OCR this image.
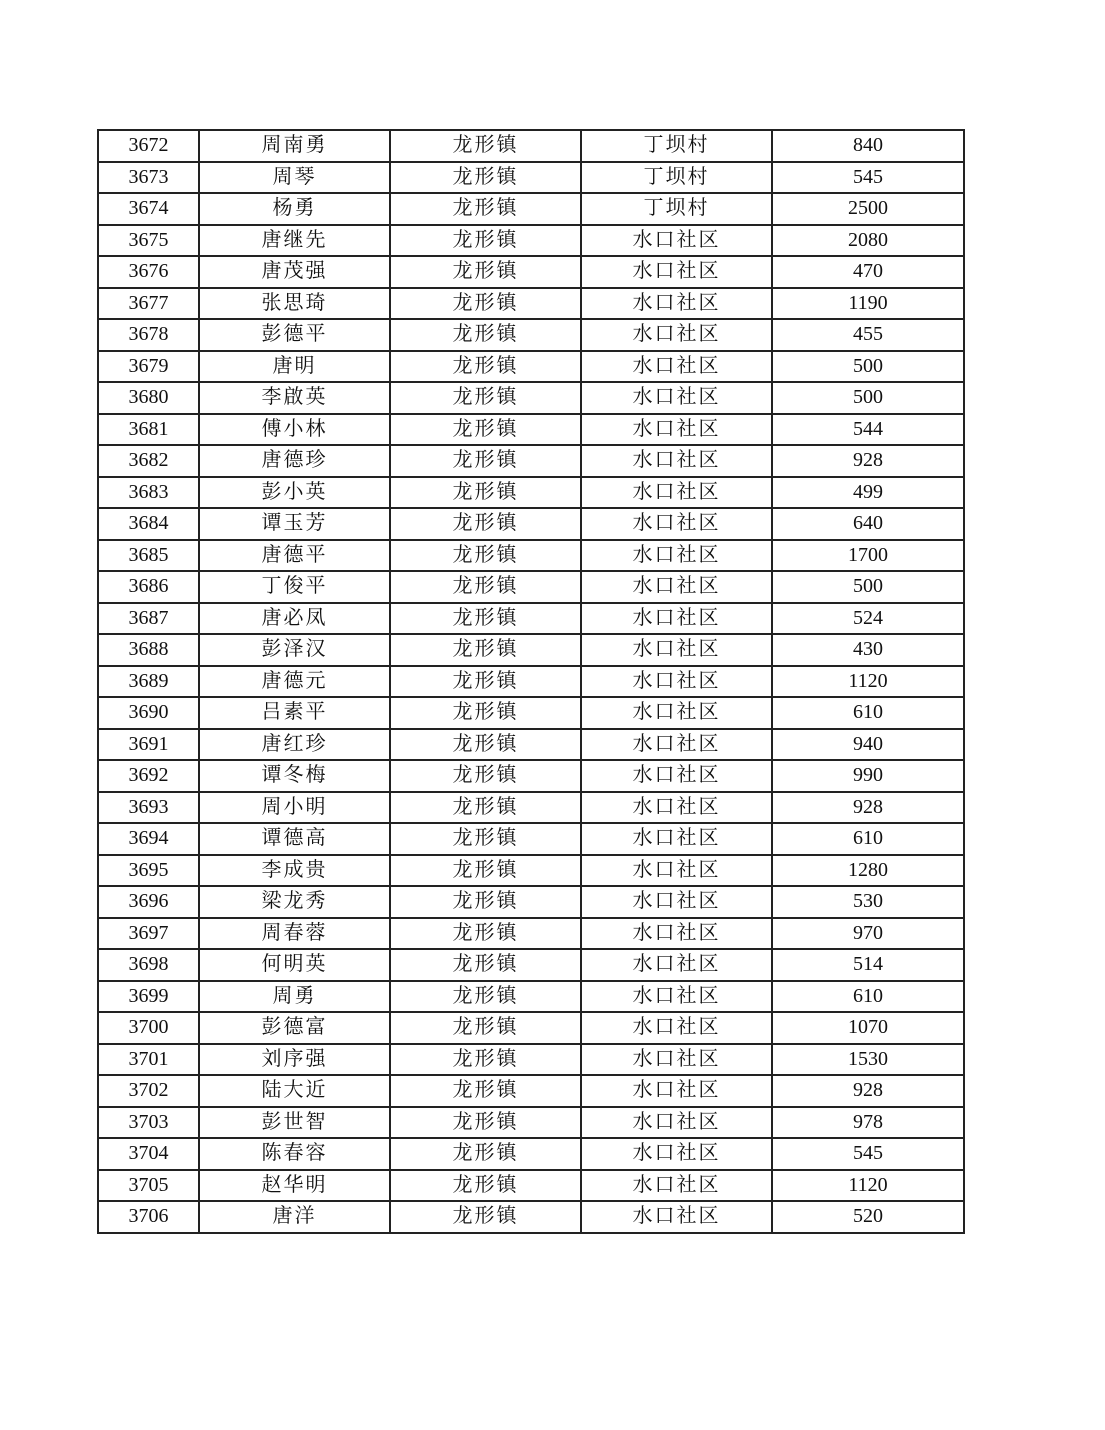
3672	周南勇	龙形镇	丁坝村	840
3673	周琴	龙形镇	丁坝村	545
3674	杨勇	龙形镇	丁坝村	2500
3675	唐继先	龙形镇	水口社区	2080
3676	唐茂强	龙形镇	水口社区	470
3677	张思琦	龙形镇	水口社区	1190
3678	彭德平	龙形镇	水口社区	455
3679	唐明	龙形镇	水口社区	500
3680	李啟英	龙形镇	水口社区	500
3681	傅小林	龙形镇	水口社区	544
3682	唐德珍	龙形镇	水口社区	928
3683	彭小英	龙形镇	水口社区	499
3684	谭玉芳	龙形镇	水口社区	640
3685	唐德平	龙形镇	水口社区	1700
3686	丁俊平	龙形镇	水口社区	500
3687	唐必凤	龙形镇	水口社区	524
3688	彭泽汉	龙形镇	水口社区	430
3689	唐德元	龙形镇	水口社区	1120
3690	吕素平	龙形镇	水口社区	610
3691	唐红珍	龙形镇	水口社区	940
3692	谭冬梅	龙形镇	水口社区	990
3693	周小明	龙形镇	水口社区	928
3694	谭德高	龙形镇	水口社区	610
3695	李成贵	龙形镇	水口社区	1280
3696	梁龙秀	龙形镇	水口社区	530
3697	周春蓉	龙形镇	水口社区	970
3698	何明英	龙形镇	水口社区	514
3699	周勇	龙形镇	水口社区	610
3700	彭德富	龙形镇	水口社区	1070
3701	刘序强	龙形镇	水口社区	1530
3702	陆大近	龙形镇	水口社区	928
3703	彭世智	龙形镇	水口社区	978
3704	陈春容	龙形镇	水口社区	545
3705	赵华明	龙形镇	水口社区	1120
3706	唐洋	龙形镇	水口社区	520
